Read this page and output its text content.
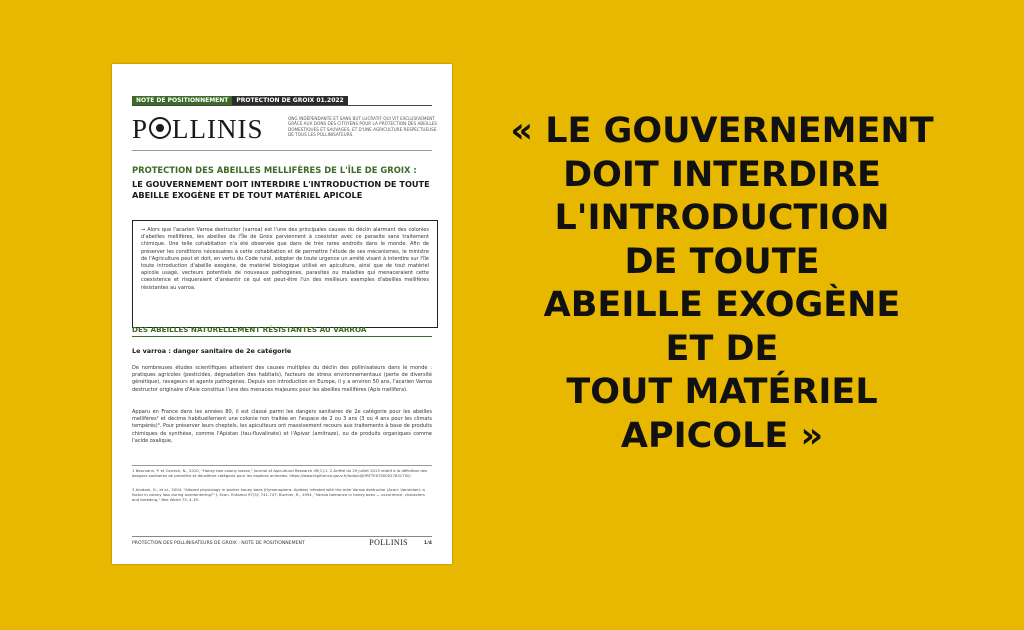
NOTE DE POSITIONNEMENT	PROTECTION DE GROIX 01.2022
P LLINIS	ONG INDÉPENDANTE ET SANS BUT LUCRATIF QUI VIT EXCLUSIVEMENT GRÂCE AUX DONS DES CITOYENS POUR LA PROTECTION DES ABEILLES DOMESTIQUES ET SAUVAGES, ET D'UNE AGRICULTURE RESPECTUEUSE DE TOUS LES POLLINISATEURS.
PROTECTION DES ABEILLES MELLIFÈRES DE L'ÎLE DE GROIX :
LE GOUVERNEMENT DOIT INTERDIRE L'INTRODUCTION DE TOUTE ABEILLE EXOGÈNE ET DE TOUT MATÉRIEL APICOLE
→ Alors que l'acarien Varroa destructor (varroa) est l'une des principales causes du déclin alarmant des colonies d'abeilles mellifères, les abeilles de l'Île de Groix parviennent à coexister avec ce parasite sans traitement chimique. Une telle cohabitation n'a été observée que dans de très rares endroits dans le monde. Afin de préserver les conditions nécessaires à cette cohabitation et de permettre l'étude de ses mécanismes, le ministre de l'Agriculture peut et doit, en vertu du Code rural, adopter de toute urgence un arrêté visant à interdire sur l'île toute introduction d'abeille exogène, de matériel biologique utilisé en apiculture, ainsi que de tout matériel apicole usagé, vecteurs potentiels de nouveaux pathogènes, parasites ou maladies qui menaceraient cette coexistence et risqueraient d'anéantir ce qui est peut-être l'un des meilleurs exemples d'abeilles mellifères résistantes au varroa.
DES ABEILLES NATURELLEMENT RÉSISTANTES AU VARROA
Le varroa : danger sanitaire de 2e catégorie
De nombreuses études scientifiques attestent des causes multiples du déclin des pollinisateurs dans le monde : pratiques agricoles (pesticides, dégradation des habitats), facteurs de stress environnementaux (perte de diversité génétique), ravageurs et agents pathogènes. Depuis son introduction en Europe, il y a environ 50 ans, l'acarien Varroa destructor originaire d'Asie constitue l'une des menaces majeures pour les abeilles mellifères (Apis mellifera).
Apparu en France dans les années 80, il est classé parmi les dangers sanitaires de 2e catégorie pour les abeilles mellifères² et décime habituellement une colonie non traitée en l'espace de 2 ou 3 ans (3 ou 4 ans pour les climats tempérés)³. Pour préserver leurs cheptels, les apiculteurs ont massivement recours aux traitements à base de produits chimiques de synthèse, comme l'Apistan (tau-fluvalinate) et l'Apivar (amitraze), ou de produits organiques comme l'acide oxalique,
1 Neumann, P. et Carreck, N., 2010, "Honey bee colony losses," Journal of Apicultural Research 49(1):1. 2 Arrêté du 29 juillet 2013 relatif à la définition des dangers sanitaires de première et deuxième catégorie pour les espèces animales. https://www.legifrance.gouv.fr/loda/id/JORFTEXT000027831750/
3 Amdam, G., et al., 2004, "Altered physiology in worker honey bees (Hymenoptera: Apidae) infested with the mite Varroa destructor (Acari: Varroidae): a factor in colony loss during overwintering?" J. Econ. Entomol 97(3): 741-747; Buchler, R., 1994, "Varroa tolerance in honey bees — occurrence, characters and breeding," Bee World 75, 4-19.
PROTECTION DES POLLINISATEURS DE GROIX : NOTE DE POSITIONNEMENT	POLLINIS	1/4
« LE GOUVERNEMENT
DOIT INTERDIRE
L'INTRODUCTION
DE TOUTE
ABEILLE EXOGÈNE
ET DE
TOUT MATÉRIEL
APICOLE »
